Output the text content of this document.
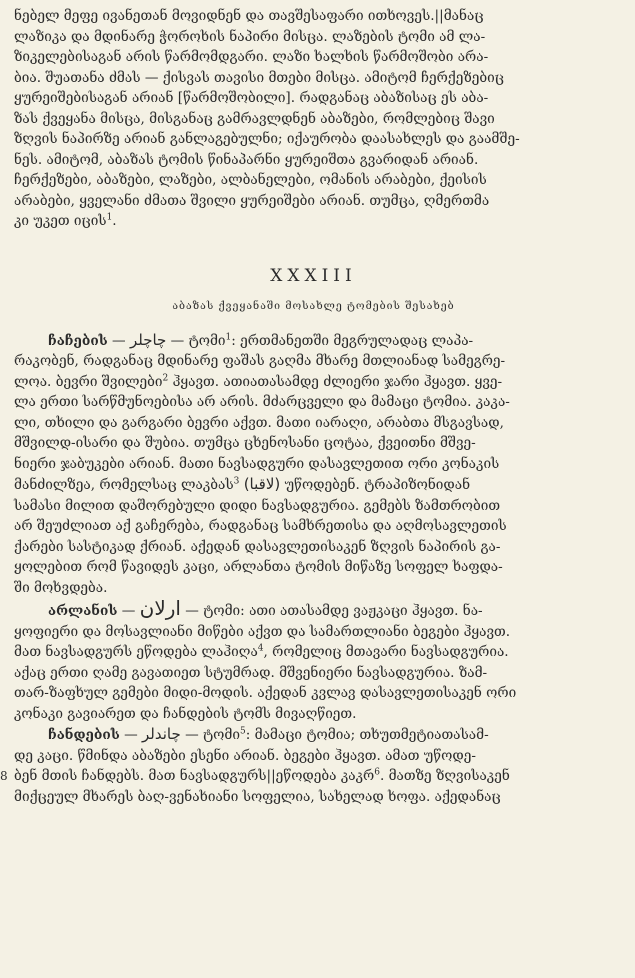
ნებელ მეფე ივანეთან მოვიდნენ და თავშესაფარი ითხოვეს.||მანაც

ლაზიკა და მდინარე ჭოროხის ნაპირი მისცა. ლაზების ტომი ამ ლა-

ზიკელებისაგან არის წარმომდგარი. ლაზი ხალხის წარმოშობი არა-

ბია. შუათანა ძმას — ქისვას თავისი მთები მისცა. ამიტომ ჩერქეზებიც

ყურეიშებისაგან არიან [წარმოშობილი]. რადგანაც აბაზისაც ეს აბა-

ზას ქვეყანა მისცა, მისგანაც გამრავლდნენ აბაზები, რომლებიც შავი

ზღვის ნაპირზე არიან განლაგებულნი; იქაურობა დაასახლეს და გაამშე-

ნეს. ამიტომ, აბაზას ტომის წინაპარნი ყურეიშთა გვარიდან არიან.

ჩერქეზები, აბაზები, ლაზები, ალბანელები, ომანის არაბები, ქეისის

არაბები, ყველანი ძმათა შვილი ყურეიშები არიან. თუმცა, ღმერთმა

კი უკეთ იცის$^1$.

XXXIII
აბაზას ქვეყანაში მოსახლე ტომების შესახებ

ჩაჩების — چاچلر — ტომი$^1$: ერთმანეთში მეგრულადაც ლაპა-

რაკობენ, რადგანაც მდინარე ფაშას გაღმა მხარე მთლიანად სამეგრე-

ლოა. ბევრი შვილები$^2$ ჰყავთ. ათიათასამდე ძლიერი ჯარი ჰყავთ. ყვე-

ლა ერთი სარწმუნოებისა არ არის. მძარცველი და მამაცი ტომია. კაკა-

ლი, თხილი და გარგარი ბევრი აქვთ. მათი იარაღი, არაბთა მსგავსად,

მშვილდ-ისარი და შუბია. თუმცა ცხენოსანი ცოტაა, ქვეითნი მშვე-

ნიერი ჯაბუკები არიან. მათი ნავსადგური დასავლეთით ორი კონაკის

მანძილზეა, რომელსაც ლაკბას$^3$ (لاقبا) უწოდებენ. ტრაპიზონიდან

სამასი მილით დაშორებული დიდი ნავსადგურია. გემებს ზამთრობით

არ შეუძლიათ აქ გაჩერება, რადგანაც სამხრეთისა და აღმოსავლეთის

ქარები სასტიკად ქრიან. აქედან დასავლეთისაკენ ზღვის ნაპირის გა-

ყოლებით რომ წავიდეს კაცი, არლანთა ტომის მიწაზე სოფელ ხაფდა-

ში მოხვდება.

არლანის — ارلان — ტომი: ათი ათასამდე ვაჟკაცი ჰყავთ. ნა-

ყოფიერი და მოსავლიანი მიწები აქვთ და სამართლიანი ბეგები ჰყავთ.

მათ ნავსადგურს ეწოდება ლაჰიღა$^4$, რომელიც მთავარი ნავსადგურია.

აქაც ერთი ღამე გავათიეთ სტუმრად. მშვენიერი ნავსადგურია. ზამ-

თარ-ზაფხულ გემები მიდი-მოდის. აქედან კვლავ დასავლეთისაკენ ორი

კონაკი გავიარეთ და ჩანდების ტომს მივაღწიეთ.

ჩანდების — چاندلر — ტომი$^5$: მამაცი ტომია; თხუთმეტიათასამ-

დე კაცი. წმინდა აბაზები ესენი არიან. ბეგები ჰყავთ. ამათ უწოდე-

8 ბენ მთის ჩანდებს. მათ ნავსადგურს||ეწოდება კაკრ$^6$. მათზე ზღვისაკენ

მიქცეულ მხარეს ბაღ-ვენახიანი სოფელია, სახელად ხოფა. აქედანაც
